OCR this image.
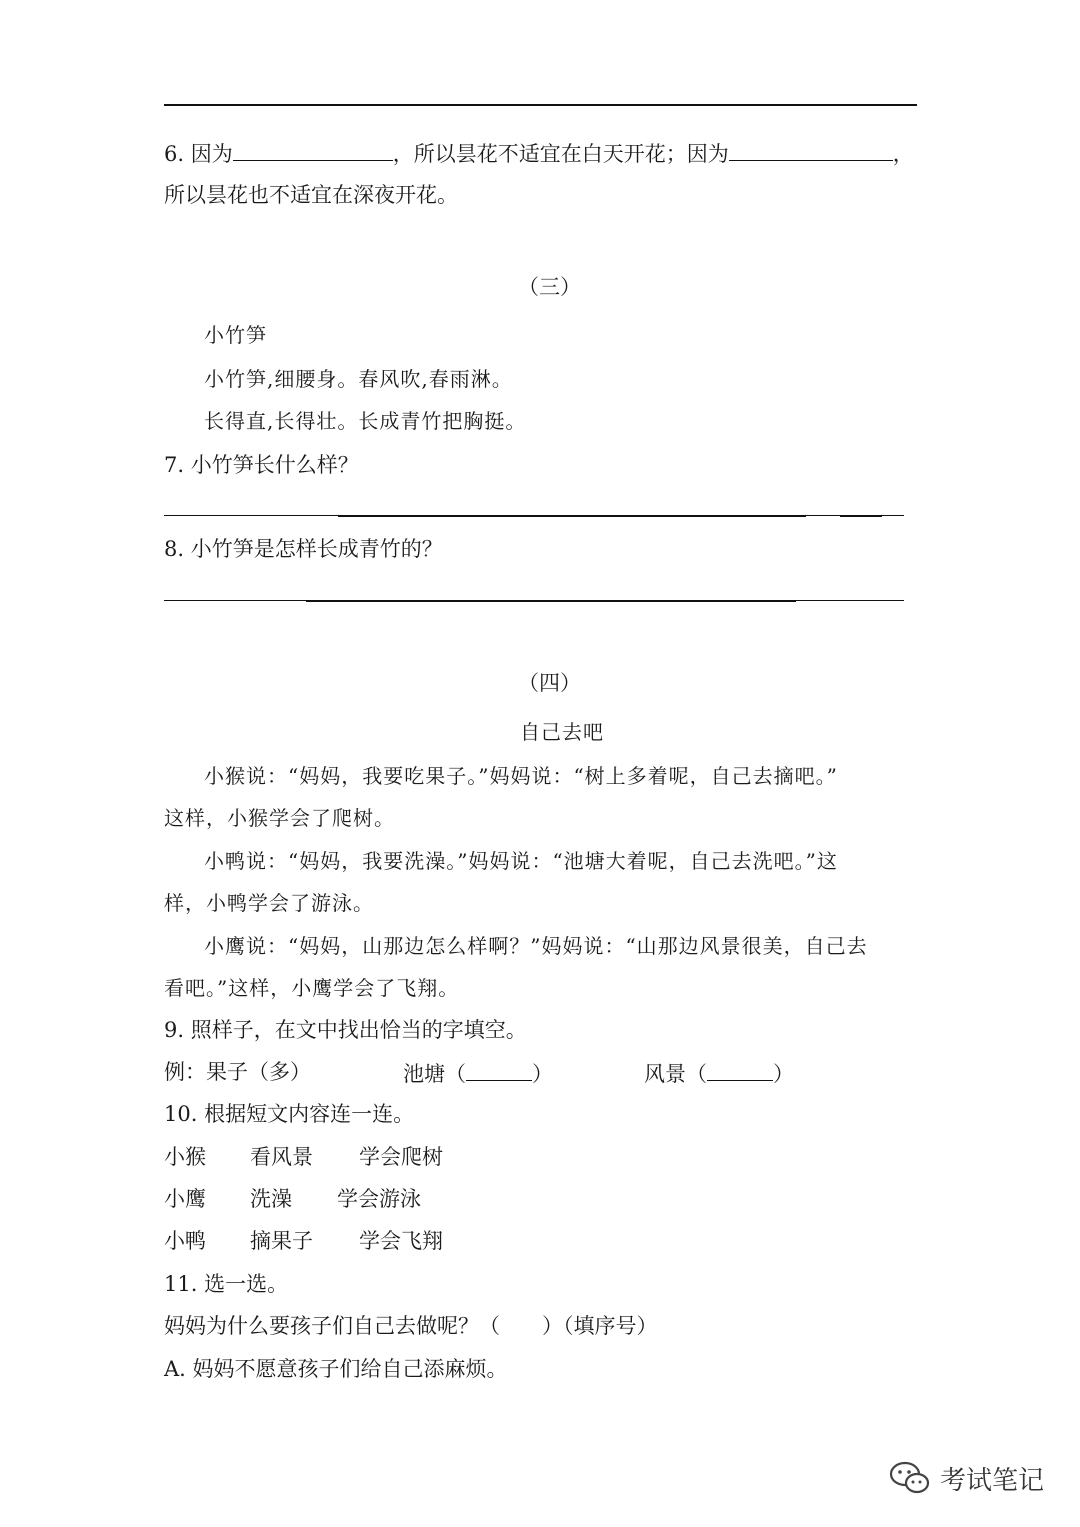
6. 因为	，所以昙花不适宜在白天开花；因为	，
所以昙花也不适宜在深夜开花。
（三）
小竹笋
小竹笋,细腰身。春风吹,春雨淋。
长得直,长得壮。长成青竹把胸挺。
7. 小竹笋长什么样？
8. 小竹笋是怎样长成青竹的？
（四）
自己去吧
小猴说：“妈妈，我要吃果子。”妈妈说：“树上多着呢，自己去摘吧。”
这样，小猴学会了爬树。
小鸭说：“妈妈，我要洗澡。”妈妈说：“池塘大着呢，自己去洗吧。”这
样，小鸭学会了游泳。
小鹰说：“妈妈，山那边怎么样啊？”妈妈说：“山那边风景很美，自己去
看吧。”这样，小鹰学会了飞翔。
9. 照样子，在文中找出恰当的字填空。
例：果子（多）	池塘（	）	风景（	）
10. 根据短文内容连一连。
小猴 看风景 学会爬树
小鹰 洗澡 学会游泳
小鸭 摘果子 学会飞翔
11. 选一选。
妈妈为什么要孩子们自己去做呢？（　　）（填序号）
A. 妈妈不愿意孩子们给自己添麻烦。
考试笔记
